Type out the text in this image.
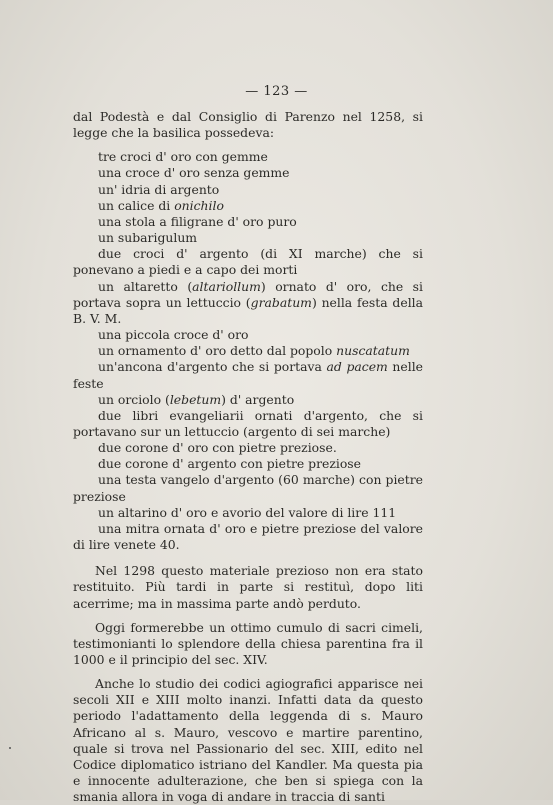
— 123 —
dal Podestà e dal Consiglio di Parenzo nel 1258, si legge che la basilica possedeva:
tre croci d' oro con gemme
una croce d' oro senza gemme
un' idria di argento
un calice di onichilo
una stola a filigrane d' oro puro
un subarigulum
due croci d' argento (di XI marche) che si ponevano a piedi e a capo dei morti
un altaretto (altariollum) ornato d' oro, che si portava sopra un lettuccio (grabatum) nella festa della B. V. M.
una piccola croce d' oro
un ornamento d' oro detto dal popolo nuscatatum
un'ancona d'argento che si portava ad pacem nelle feste
un orciolo (lebetum) d' argento
due libri evangeliarii ornati d'argento, che si portavano sur un lettuccio (argento di sei marche)
due corone d' oro con pietre preziose.
due corone d' argento con pietre preziose
una testa vangelo d'argento (60 marche) con pietre preziose
un altarino d' oro e avorio del valore di lire 111
una mitra ornata d' oro e pietre preziose del valore di lire venete 40.
Nel 1298 questo materiale prezioso non era stato restituito. Più tardi in parte si restituì, dopo liti acerrime; ma in massima parte andò perduto.
Oggi formerebbe un ottimo cumulo di sacri cimeli, testimonianti lo splendore della chiesa parentina fra il 1000 e il principio del sec. XIV.
Anche lo studio dei codici agiografici apparisce nei secoli XII e XIII molto inanzi. Infatti data da questo periodo l'adattamento della leggenda di s. Mauro Africano al s. Mauro, vescovo e martire parentino, quale si trova nel Passionario del sec. XIII, edito nel Codice diplomatico istriano del Kandler. Ma questa pia e innocente adulterazione, che ben si spiega con la smania allora in voga di andare in traccia di santi
